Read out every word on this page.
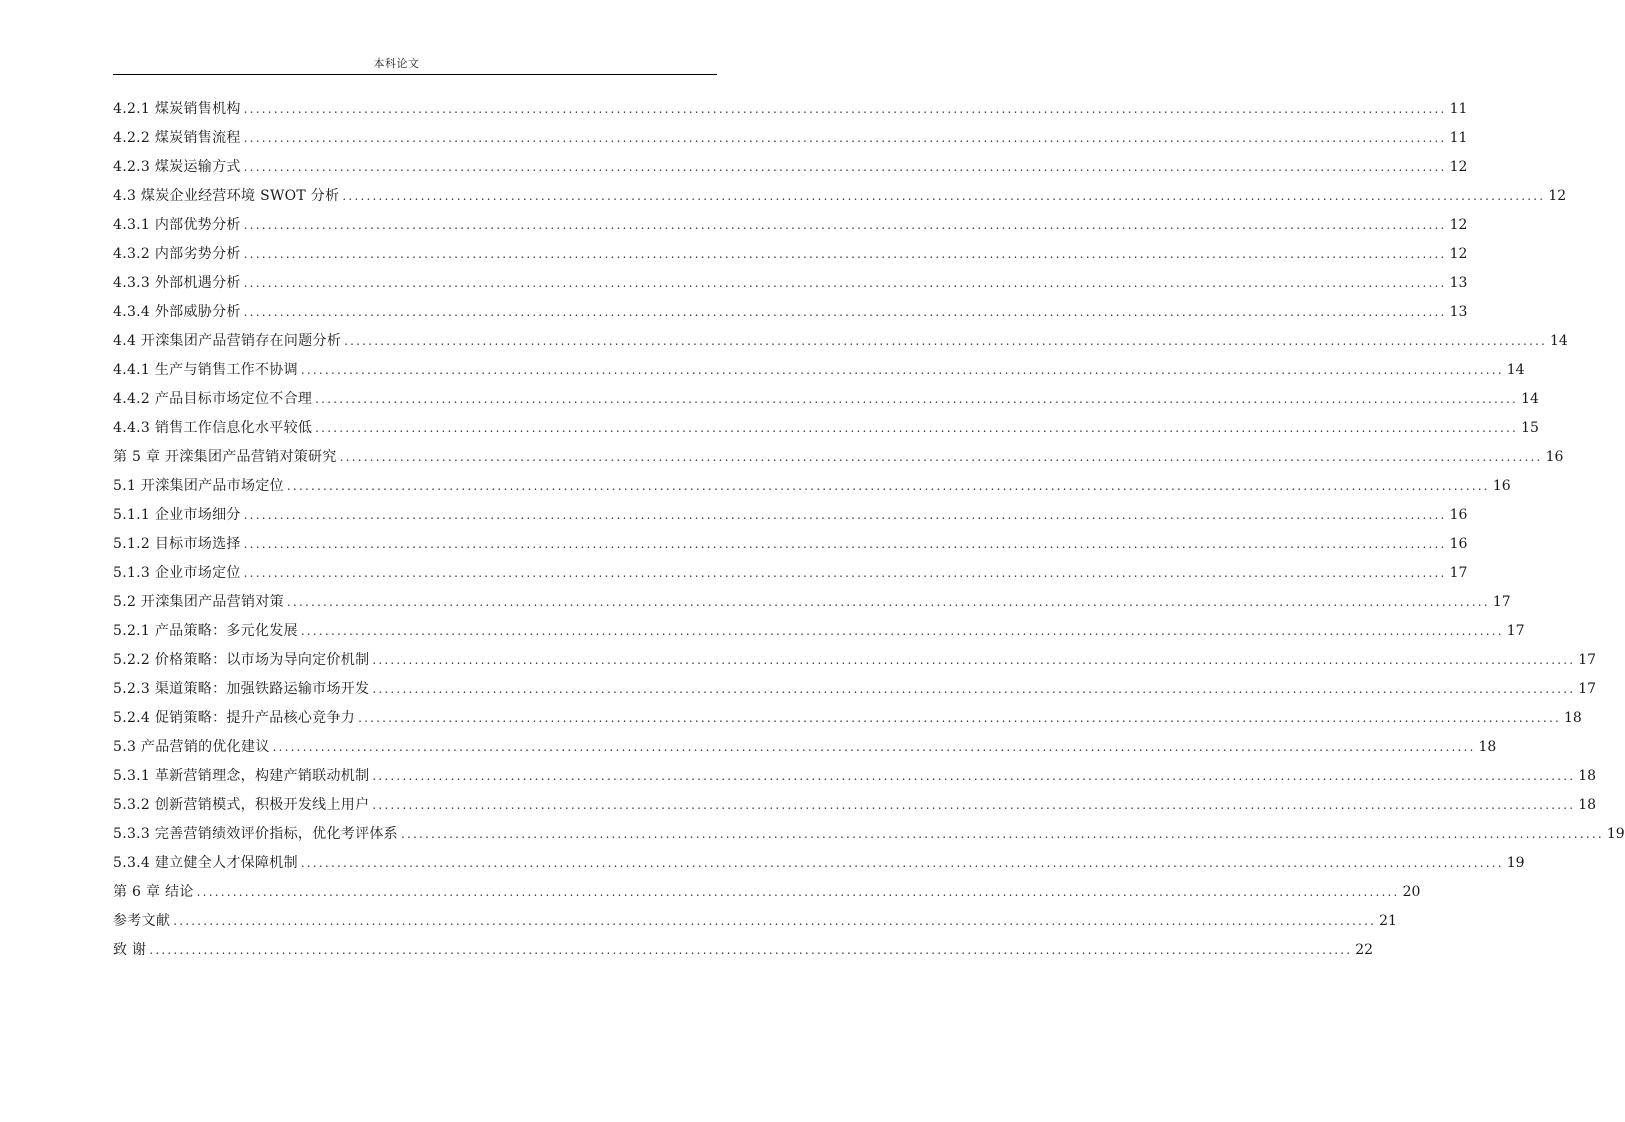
本科论文
4.2.1 煤炭销售机构 ........................................................................................................................................................................................................ 11
4.2.2 煤炭销售流程 ........................................................................................................................................................................................................ 11
4.2.3 煤炭运输方式 ........................................................................................................................................................................................................ 12
4.3 煤炭企业经营环境 SWOT 分析 ........................................................................................................................................................................................................ 12
4.3.1 内部优势分析 ........................................................................................................................................................................................................ 12
4.3.2 内部劣势分析 ........................................................................................................................................................................................................ 12
4.3.3 外部机遇分析 ........................................................................................................................................................................................................ 13
4.3.4 外部威胁分析 ........................................................................................................................................................................................................ 13
4.4 开滦集团产品营销存在问题分析 ........................................................................................................................................................................................................ 14
4.4.1 生产与销售工作不协调 ........................................................................................................................................................................................................ 14
4.4.2 产品目标市场定位不合理 ........................................................................................................................................................................................................ 14
4.4.3 销售工作信息化水平较低 ........................................................................................................................................................................................................ 15
第 5 章 开滦集团产品营销对策研究 ........................................................................................................................................................................................................ 16
5.1 开滦集团产品市场定位 ........................................................................................................................................................................................................ 16
5.1.1 企业市场细分 ........................................................................................................................................................................................................ 16
5.1.2 目标市场选择 ........................................................................................................................................................................................................ 16
5.1.3 企业市场定位 ........................................................................................................................................................................................................ 17
5.2 开滦集团产品营销对策 ........................................................................................................................................................................................................ 17
5.2.1 产品策略：多元化发展 ........................................................................................................................................................................................................ 17
5.2.2 价格策略：以市场为导向定价机制 ........................................................................................................................................................................................................ 17
5.2.3 渠道策略：加强铁路运输市场开发 ........................................................................................................................................................................................................ 17
5.2.4 促销策略：提升产品核心竞争力 ........................................................................................................................................................................................................ 18
5.3 产品营销的优化建议 ........................................................................................................................................................................................................ 18
5.3.1 革新营销理念，构建产销联动机制 ........................................................................................................................................................................................................ 18
5.3.2 创新营销模式，积极开发线上用户 ........................................................................................................................................................................................................ 18
5.3.3 完善营销绩效评价指标，优化考评体系 ........................................................................................................................................................................................................ 19
5.3.4 建立健全人才保障机制 ........................................................................................................................................................................................................ 19
第 6 章 结论 ........................................................................................................................................................................................................ 20
参考文献 ........................................................................................................................................................................................................ 21
致 谢 ........................................................................................................................................................................................................ 22
